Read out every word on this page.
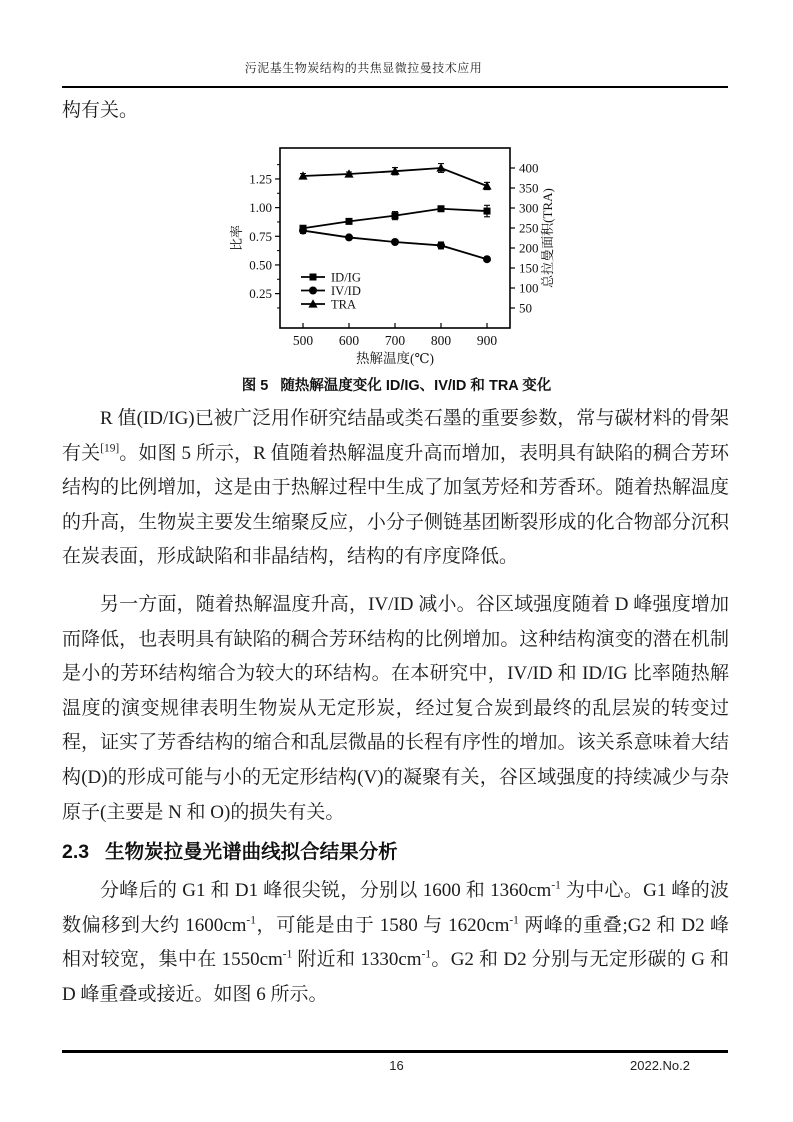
污泥基生物炭结构的共焦显微拉曼技术应用
构有关。
0.25
0.50
0.75
1.00
1.25
50
100
150
200
250
300
350
400
500 600 700 800 900
热解温度(℃)
比率	总拉曼面积(TRA)
ID/IG
IV/ID
TRA
图 5 随热解温度变化 ID/IG、IV/ID 和 TRA 变化
R 值(ID/IG)已被广泛用作研究结晶或类石墨的重要参数，常与碳材料的骨架有关[19]。如图 5 所示，R 值随着热解温度升高而增加，表明具有缺陷的稠合芳环结构的比例增加，这是由于热解过程中生成了加氢芳烃和芳香环。随着热解温度的升高，生物炭主要发生缩聚反应，小分子侧链基团断裂形成的化合物部分沉积在炭表面，形成缺陷和非晶结构，结构的有序度降低。
另一方面，随着热解温度升高，IV/ID 减小。谷区域强度随着 D 峰强度增加而降低，也表明具有缺陷的稠合芳环结构的比例增加。这种结构演变的潜在机制是小的芳环结构缩合为较大的环结构。在本研究中，IV/ID 和 ID/IG 比率随热解温度的演变规律表明生物炭从无定形炭，经过复合炭到最终的乱层炭的转变过程，证实了芳香结构的缩合和乱层微晶的长程有序性的增加。该关系意味着大结构(D)的形成可能与小的无定形结构(V)的凝聚有关，谷区域强度的持续减少与杂原子(主要是 N 和 O)的损失有关。
2.3 生物炭拉曼光谱曲线拟合结果分析
分峰后的 G1 和 D1 峰很尖锐，分别以 1600 和 $1360cm^{-1}$ 为中心。G1 峰的波数偏移到大约 $1600cm^{-1}$，可能是由于 1580 与 $1620cm^{-1}$ 两峰的重叠;G2 和 D2 峰相对较宽，集中在 $1550cm^{-1}$ 附近和 $1330cm^{-1}$。G2 和 D2 分别与无定形碳的 G 和 D 峰重叠或接近。如图 6 所示。
16	2022.No.2
